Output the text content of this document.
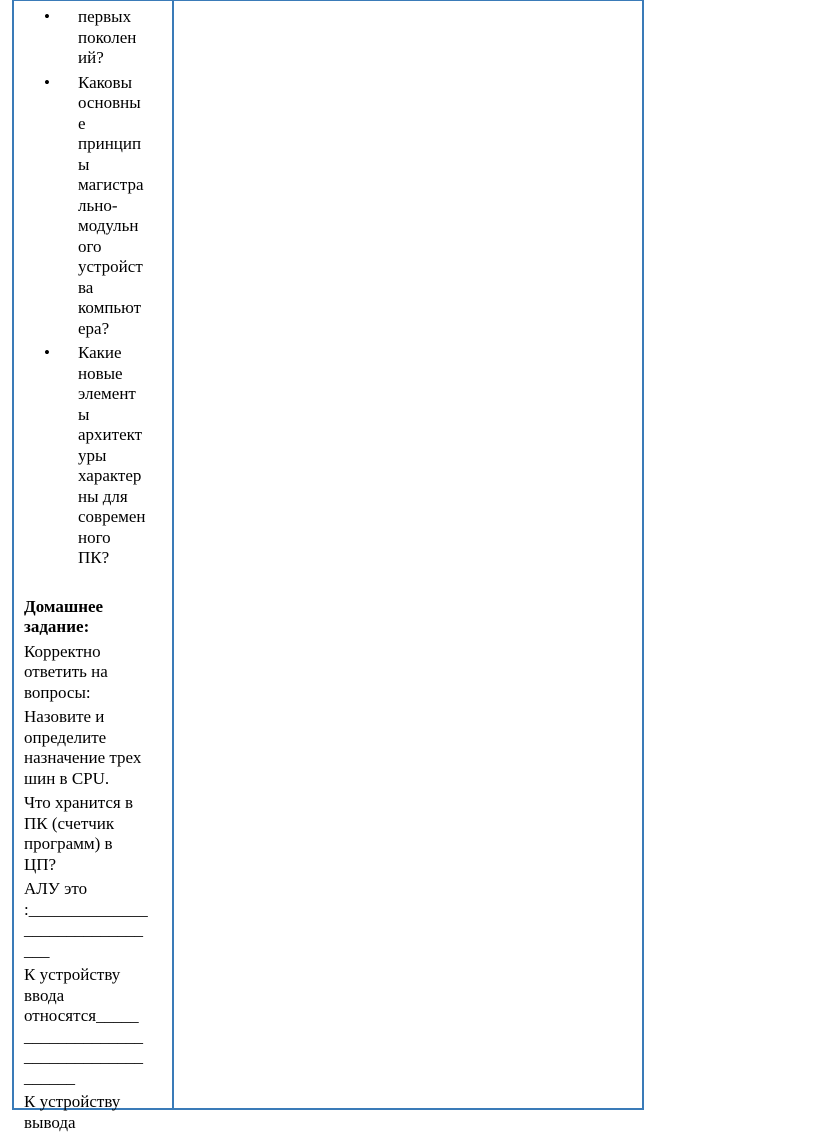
• первых
поколен
ий?
• Каковы
основны
е
принцип
ы
магистра
льно-
модульн
ого
устройст
ва
компьют
ера?
• Какие
новые
элемент
ы
архитект
уры
характер
ны для
современ
ного
ПК?
Домашнее
задание:

Корректно
ответить на
вопросы:

Назовите и
определите
назначение трех
шин в CPU.

Что хранится в
ПК (счетчик
программ) в
ЦП?

АЛУ это
:______________
______________
___

К устройству
ввода
относятся_____
______________
______________
______

К устройству
вывода
